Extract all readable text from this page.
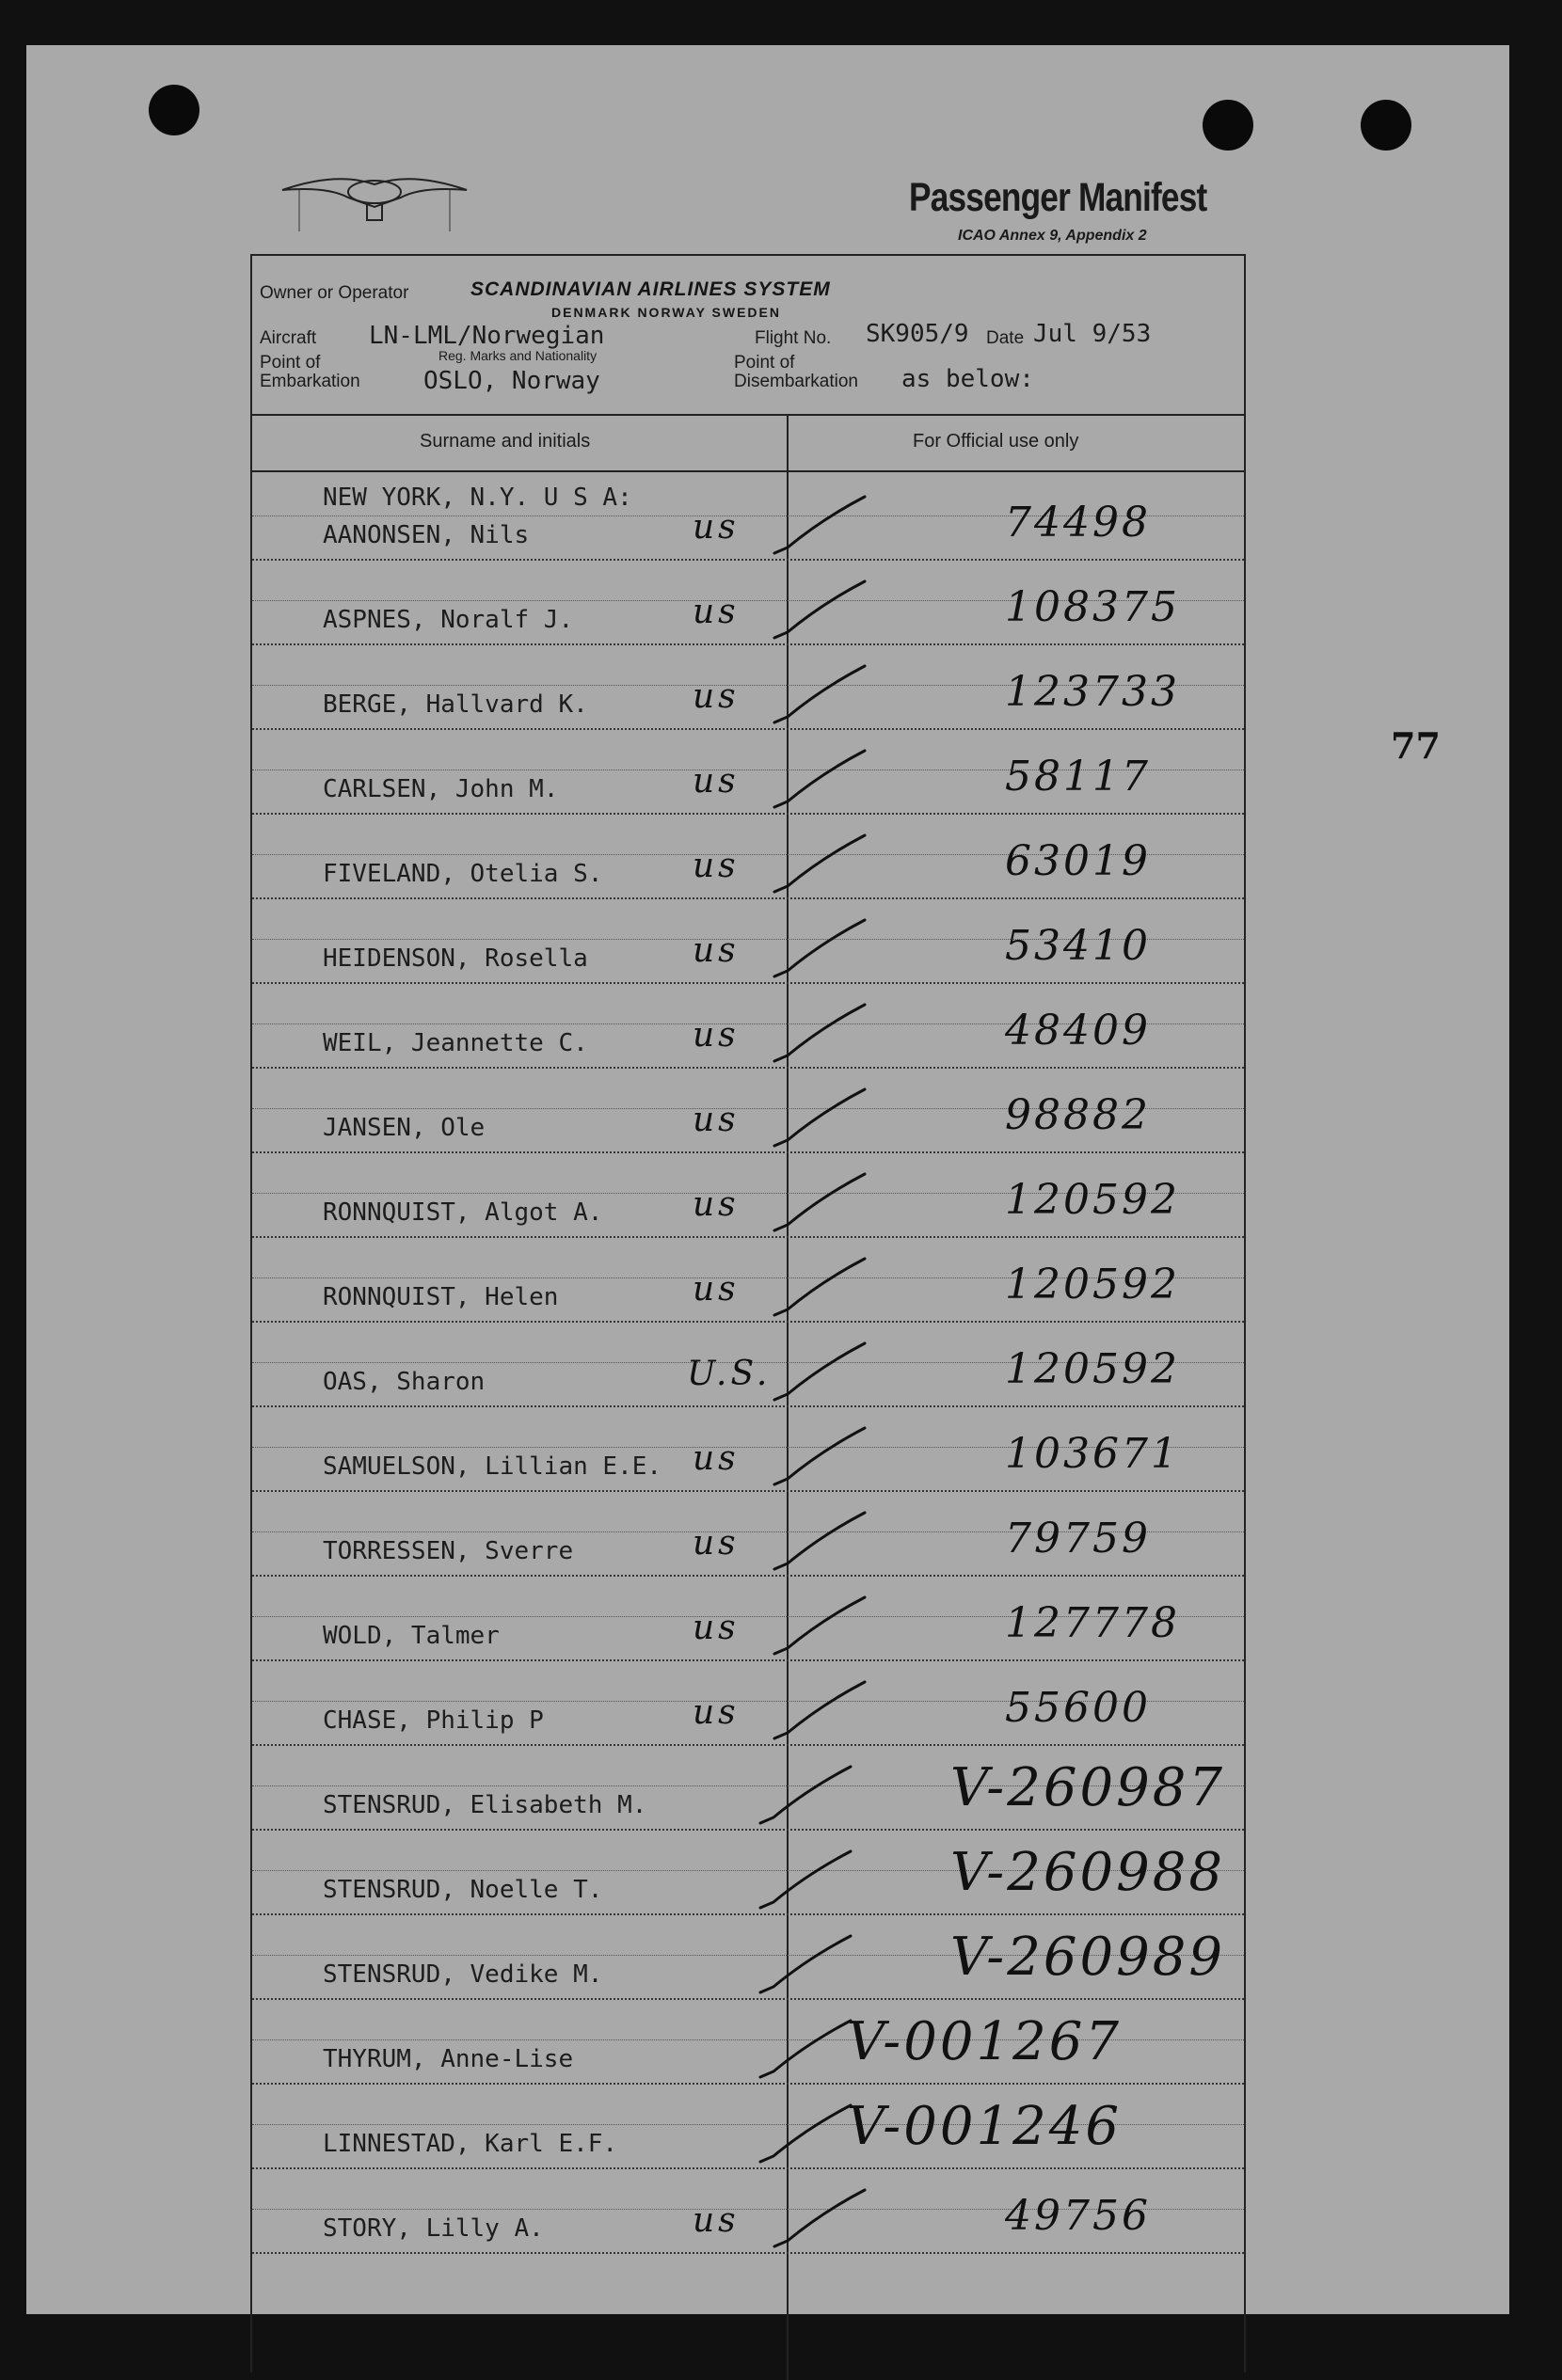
Passenger Manifest
ICAO Annex 9, Appendix 2
77
Owner or Operator	SCANDINAVIAN AIRLINES SYSTEM
DENMARK NORWAY SWEDEN
Aircraft LN-LML/Norwegian
Reg. Marks and Nationality
Flight No. SK905/9 Date Jul 9/53
Point of
Embarkation	OSLO, Norway
Point of
Disembarkation as below:
Surname and initials	For Official use only
NEW YORK, N.Y. U S A:
AANONSEN, Nils	us	74498
ASPNES, Noralf J.	us	108375
BERGE, Hallvard K.	us	123733
CARLSEN, John M.	us	58117
FIVELAND, Otelia S.	us	63019
HEIDENSON, Rosella	us	53410
WEIL, Jeannette C.	us	48409
JANSEN, Ole	us	98882
RONNQUIST, Algot A.	us	120592
RONNQUIST, Helen	us	120592
OAS, Sharon	U.S.	120592
SAMUELSON, Lillian E.E. us	103671
TORRESSEN, Sverre	us	79759
WOLD, Talmer	us	127778
CHASE, Philip P	us	55600
STENSRUD, Elisabeth M.	V-260987
STENSRUD, Noelle T.	V-260988
STENSRUD, Vedike M.	V-260989
THYRUM, Anne-Lise	V-001267
LINNESTAD, Karl E.F.	V-001246
STORY, Lilly A.	us	49756
